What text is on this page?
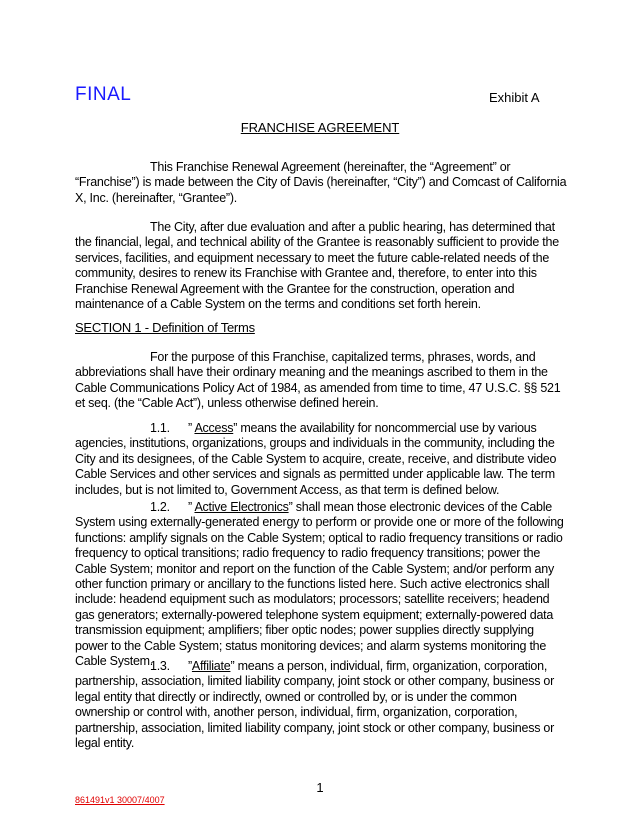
FINAL	Exhibit A
FRANCHISE AGREEMENT
This Franchise Renewal Agreement (hereinafter, the “Agreement” or “Franchise”) is made between the City of Davis (hereinafter, “City”) and Comcast of California X, Inc. (hereinafter, “Grantee”).
The City, after due evaluation and after a public hearing, has determined that the financial, legal, and technical ability of the Grantee is reasonably sufficient to provide the services, facilities, and equipment necessary to meet the future cable-related needs of the community, desires to renew its Franchise with Grantee and, therefore, to enter into this Franchise Renewal Agreement with the Grantee for the construction, operation and maintenance of a Cable System on the terms and conditions set forth herein.
SECTION 1 - Definition of Terms
For the purpose of this Franchise, capitalized terms, phrases, words, and abbreviations shall have their ordinary meaning and the meanings ascribed to them in the Cable Communications Policy Act of 1984, as amended from time to time, 47 U.S.C. §§ 521 et seq. (the “Cable Act”), unless otherwise defined herein.
1.1. ” Access” means the availability for noncommercial use by various agencies, institutions, organizations, groups and individuals in the community, including the City and its designees, of the Cable System to acquire, create, receive, and distribute video Cable Services and other services and signals as permitted under applicable law. The term includes, but is not limited to, Government Access, as that term is defined below.
1.2. ” Active Electronics” shall mean those electronic devices of the Cable System using externally-generated energy to perform or provide one or more of the following functions: amplify signals on the Cable System; optical to radio frequency transitions or radio frequency to optical transitions; radio frequency to radio frequency transitions; power the Cable System; monitor and report on the function of the Cable System; and/or perform any other function primary or ancillary to the functions listed here. Such active electronics shall include: headend equipment such as modulators; processors; satellite receivers; headend gas generators; externally-powered telephone system equipment; externally-powered data transmission equipment; amplifiers; fiber optic nodes; power supplies directly supplying power to the Cable System; status monitoring devices; and alarm systems monitoring the Cable System.
1.3. ”Affiliate” means a person, individual, firm, organization, corporation, partnership, association, limited liability company, joint stock or other company, business or legal entity that directly or indirectly, owned or controlled by, or is under the common ownership or control with, another person, individual, firm, organization, corporation, partnership, association, limited liability company, joint stock or other company, business or legal entity.
1
861491v1 30007/4007
